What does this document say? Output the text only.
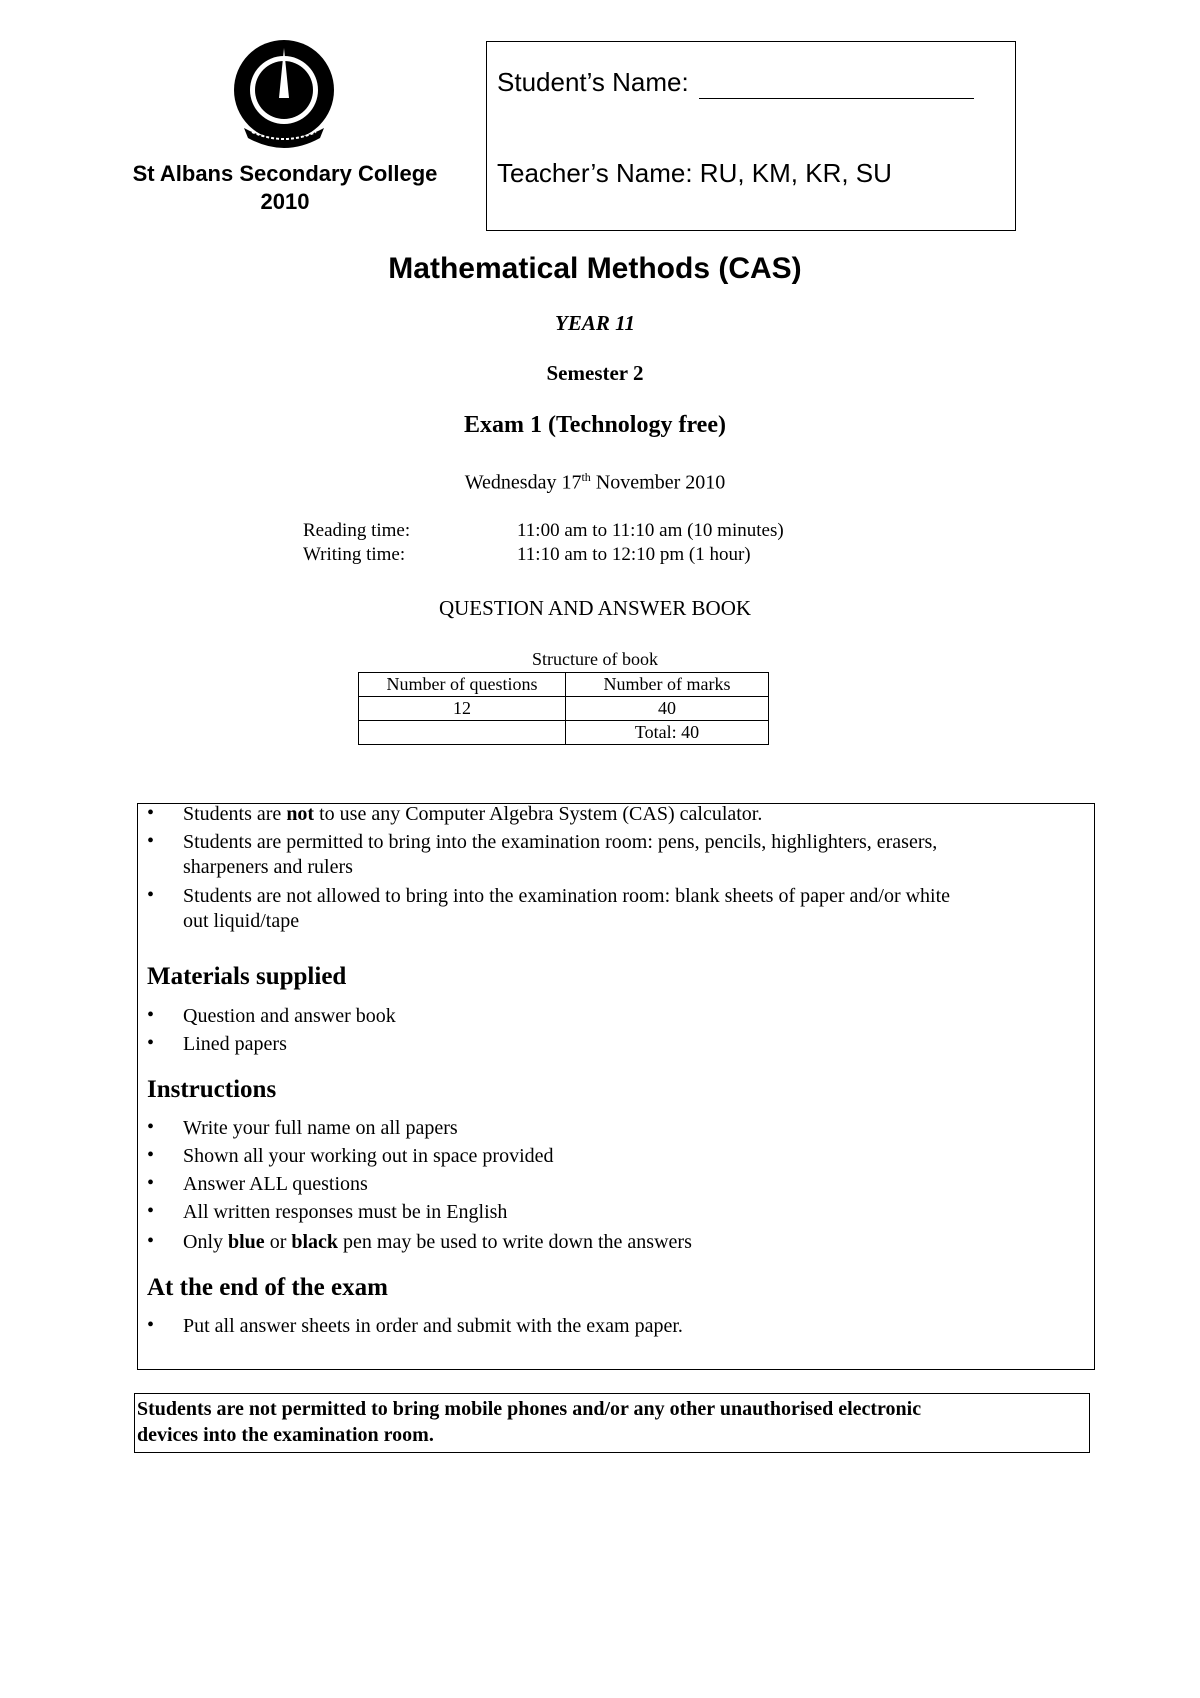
St Albans Secondary College
2010
Student’s Name:
Teacher’s Name: RU, KM, KR, SU
Mathematical Methods (CAS)
YEAR 11
Semester 2
Exam 1 (Technology free)
Wednesday 17th November 2010
Reading time:	11:00 am to 11:10 am (10 minutes)
Writing time:	11:10 am to 12:10 pm (1 hour)
QUESTION AND ANSWER BOOK
Structure of book
Number of questions	Number of marks
12	40
	Total: 40
• Students are not to use any Computer Algebra System (CAS) calculator.
• Students are permitted to bring into the examination room: pens, pencils, highlighters, erasers,
sharpeners and rulers
• Students are not allowed to bring into the examination room: blank sheets of paper and/or white
out liquid/tape
Materials supplied
• Question and answer book
• Lined papers
Instructions
• Write your full name on all papers
• Shown all your working out in space provided
• Answer ALL questions
• All written responses must be in English
• Only blue or black pen may be used to write down the answers
At the end of the exam
• Put all answer sheets in order and submit with the exam paper.
Students are not permitted to bring mobile phones and/or any other unauthorised electronic
devices into the examination room.
